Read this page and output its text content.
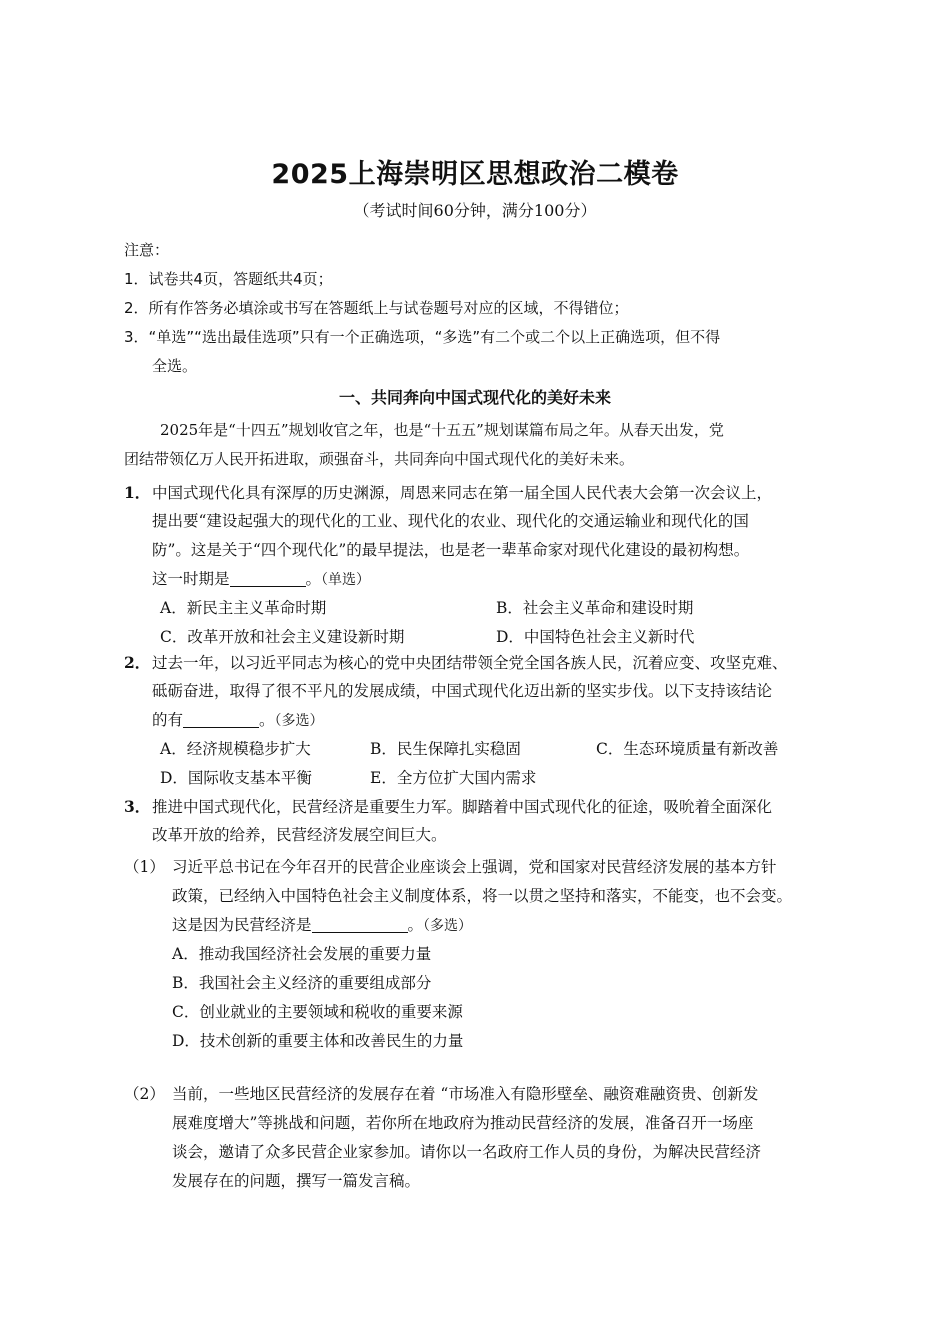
2025上海崇明区思想政治二模卷
（考试时间60分钟，满分100分）
注意：
1．试卷共4页，答题纸共4页；
2．所有作答务必填涂或书写在答题纸上与试卷题号对应的区域，不得错位；
3．“单选”“选出最佳选项”只有一个正确选项，“多选”有二个或二个以上正确选项，但不得
全选。
一、共同奔向中国式现代化的美好未来
2025年是“十四五”规划收官之年，也是“十五五”规划谋篇布局之年。从春天出发，党
团结带领亿万人民开拓进取，顽强奋斗，共同奔向中国式现代化的美好未来。
1． 中国式现代化具有深厚的历史渊源，周恩来同志在第一届全国人民代表大会第一次会议上，
提出要“建设起强大的现代化的工业、现代化的农业、现代化的交通运输业和现代化的国
防”。这是关于“四个现代化”的最早提法，也是老一辈革命家对现代化建设的最初构想。
这一时期是	。（单选）
A．新民主主义革命时期	B．社会主义革命和建设时期
C．改革开放和社会主义建设新时期	D．中国特色社会主义新时代
2． 过去一年，以习近平同志为核心的党中央团结带领全党全国各族人民，沉着应变、攻坚克难、
砥砺奋进，取得了很不平凡的发展成绩，中国式现代化迈出新的坚实步伐。以下支持该结论
的有	。（多选）
A．经济规模稳步扩大	B．民生保障扎实稳固	C．生态环境质量有新改善
D．国际收支基本平衡	E．全方位扩大国内需求
3． 推进中国式现代化，民营经济是重要生力军。脚踏着中国式现代化的征途，吸吮着全面深化
改革开放的给养，民营经济发展空间巨大。
（1） 习近平总书记在今年召开的民营企业座谈会上强调，党和国家对民营经济发展的基本方针
政策，已经纳入中国特色社会主义制度体系，将一以贯之坚持和落实，不能变，也不会变。
这是因为民营经济是	。（多选）
A．推动我国经济社会发展的重要力量
B．我国社会主义经济的重要组成部分
C．创业就业的主要领域和税收的重要来源
D．技术创新的重要主体和改善民生的力量
（2） 当前，一些地区民营经济的发展存在着 “市场准入有隐形壁垒、融资难融资贵、创新发
展难度增大”等挑战和问题，若你所在地政府为推动民营经济的发展，准备召开一场座
谈会，邀请了众多民营企业家参加。请你以一名政府工作人员的身份，为解决民营经济
发展存在的问题，撰写一篇发言稿。
